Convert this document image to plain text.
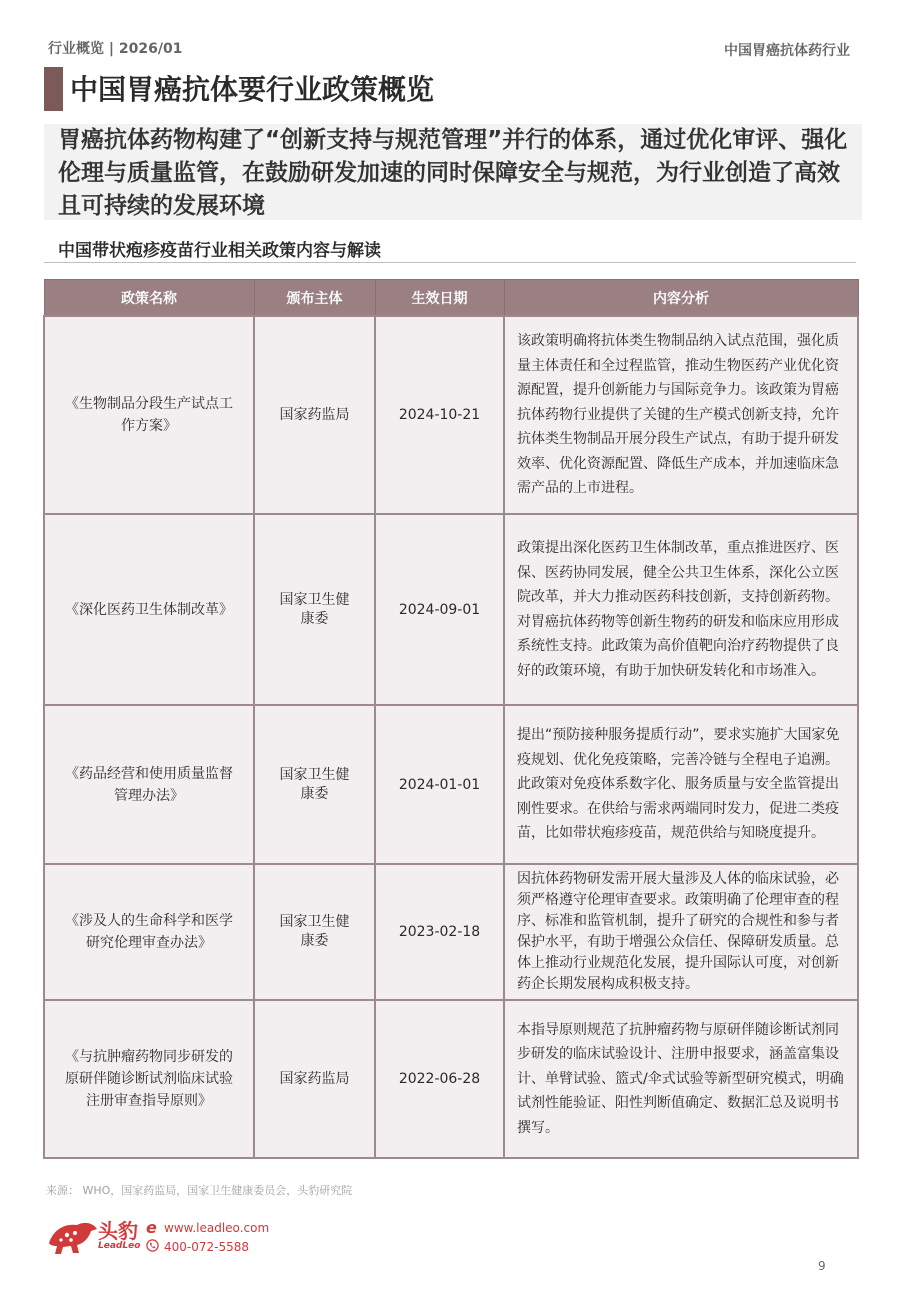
行业概览 | 2026/01	中国胃癌抗体药行业
中国胃癌抗体要行业政策概览
胃癌抗体药物构建了“创新支持与规范管理”并行的体系，通过优化审评、强化伦理与质量监管，在鼓励研发加速的同时保障安全与规范，为行业创造了高效且可持续的发展环境
中国带状疱疹疫苗行业相关政策内容与解读
政策名称	颁布主体	生效日期	内容分析
《生物制品分段生产试点工作方案》	国家药监局	2024-10-21	该政策明确将抗体类生物制品纳入试点范围，强化质量主体责任和全过程监管，推动生物医药产业优化资源配置，提升创新能力与国际竞争力。该政策为胃癌抗体药物行业提供了关键的生产模式创新支持，允许抗体类生物制品开展分段生产试点，有助于提升研发效率、优化资源配置、降低生产成本，并加速临床急需产品的上市进程。
《深化医药卫生体制改革》	国家卫生健康委	2024-09-01	政策提出深化医药卫生体制改革，重点推进医疗、医保、医药协同发展，健全公共卫生体系，深化公立医院改革，并大力推动医药科技创新，支持创新药物。对胃癌抗体药物等创新生物药的研发和临床应用形成系统性支持。此政策为高价值靶向治疗药物提供了良好的政策环境，有助于加快研发转化和市场准入。
《药品经营和使用质量监督管理办法》	国家卫生健康委	2024-01-01	提出“预防接种服务提质行动”，要求实施扩大国家免疫规划、优化免疫策略，完善冷链与全程电子追溯。此政策对免疫体系数字化、服务质量与安全监管提出刚性要求。在供给与需求两端同时发力，促进二类疫苗，比如带状疱疹疫苗，规范供给与知晓度提升。
《涉及人的生命科学和医学研究伦理审查办法》	国家卫生健康委	2023-02-18	因抗体药物研发需开展大量涉及人体的临床试验，必须严格遵守伦理审查要求。政策明确了伦理审查的程序、标准和监管机制，提升了研究的合规性和参与者保护水平，有助于增强公众信任、保障研发质量。总体上推动行业规范化发展，提升国际认可度，对创新药企长期发展构成积极支持。
《与抗肿瘤药物同步研发的原研伴随诊断试剂临床试验注册审查指导原则》	国家药监局	2022-06-28	本指导原则规范了抗肿瘤药物与原研伴随诊断试剂同步研发的临床试验设计、注册申报要求，涵盖富集设计、单臂试验、篮式/伞式试验等新型研究模式，明确试剂性能验证、阳性判断值确定、数据汇总及说明书撰写。
来源： WHO，国家药监局，国家卫生健康委员会，头豹研究院
头豹
LeadLeo
e www.leadleo.com
400-072-5588
9
